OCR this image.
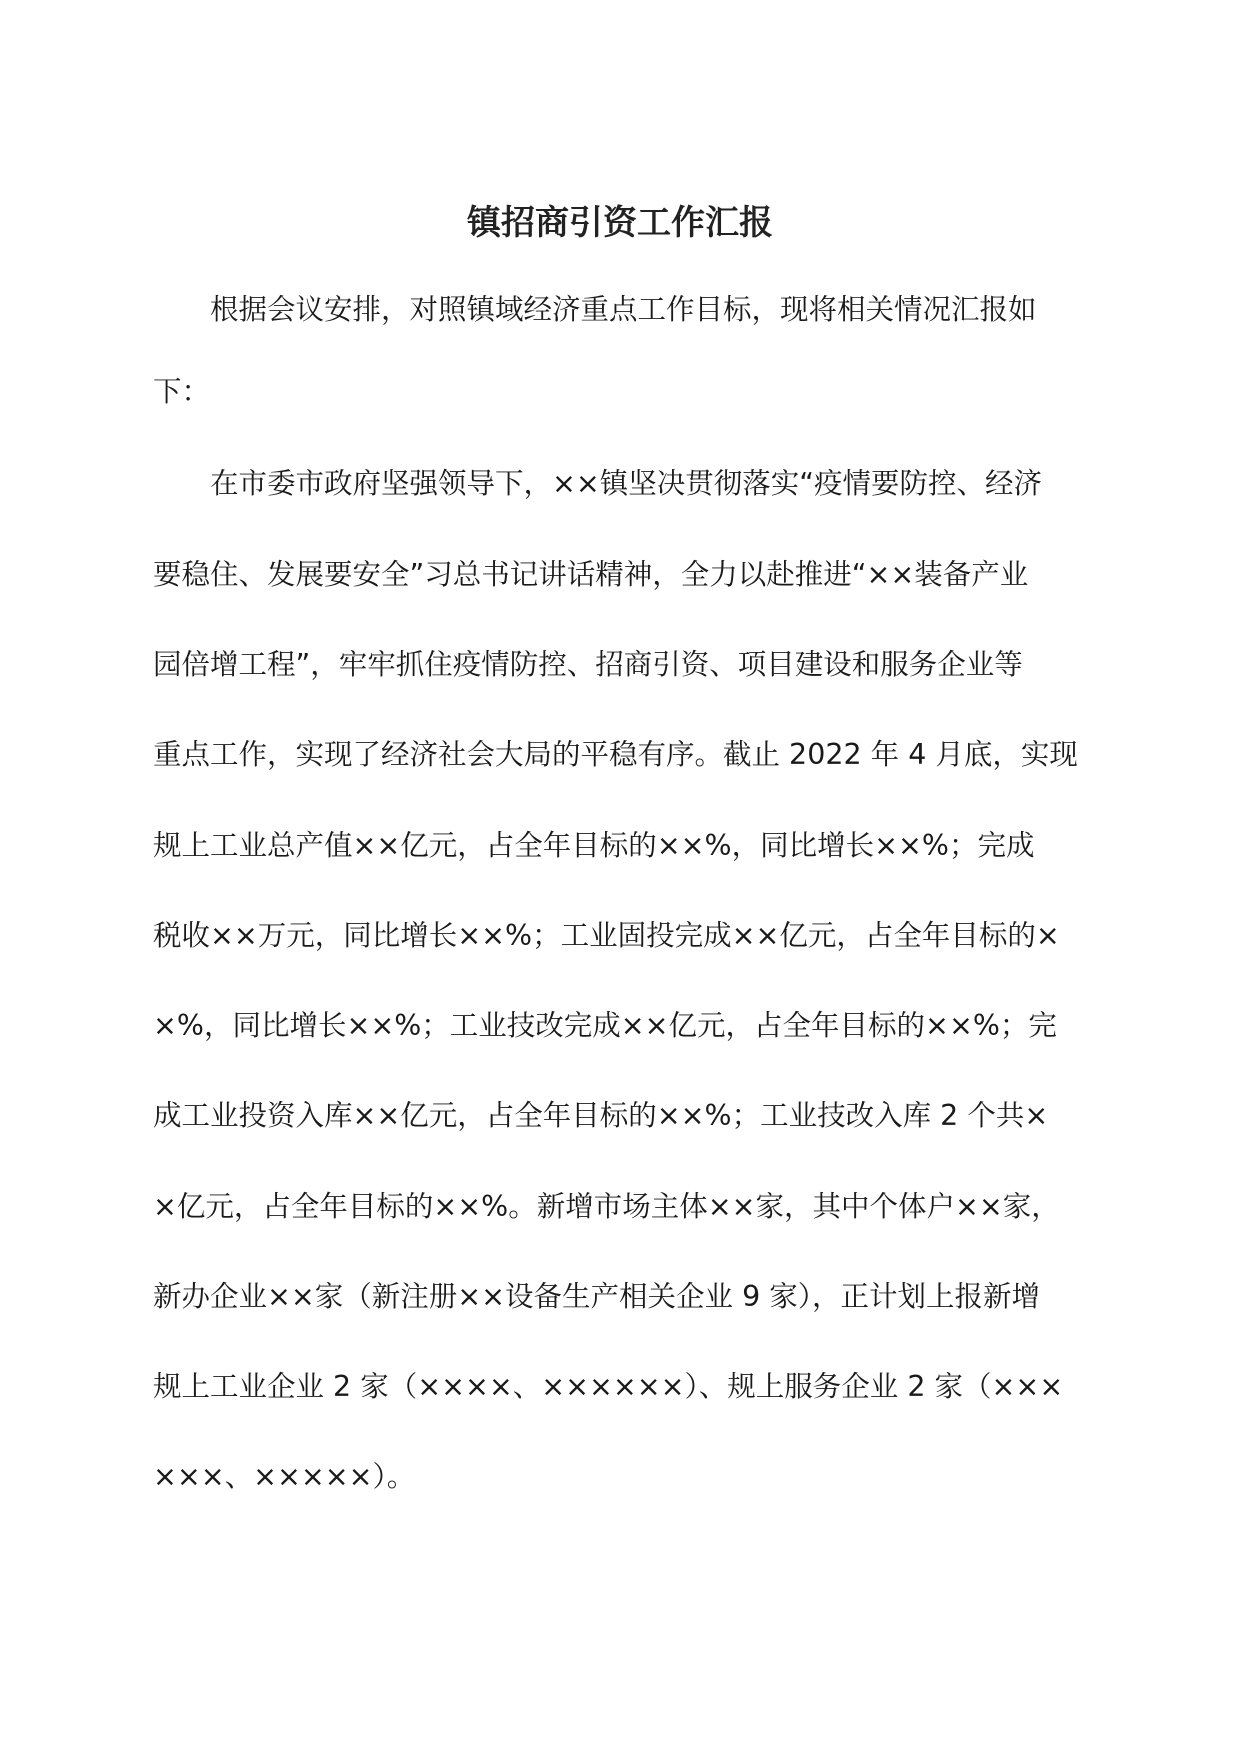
镇招商引资工作汇报
根据会议安排，对照镇域经济重点工作目标，现将相关情况汇报如
下：
在市委市政府坚强领导下，××镇坚决贯彻落实“疫情要防控、经济
要稳住、发展要安全”习总书记讲话精神，全力以赴推进“××装备产业
园倍增工程”，牢牢抓住疫情防控、招商引资、项目建设和服务企业等
重点工作，实现了经济社会大局的平稳有序。截止 2022 年 4 月底，实现
规上工业总产值××亿元，占全年目标的××%，同比增长××%；完成
税收××万元，同比增长××%；工业固投完成××亿元，占全年目标的×
×%，同比增长××%；工业技改完成××亿元，占全年目标的××%；完
成工业投资入库××亿元，占全年目标的××%；工业技改入库 2 个共×
×亿元，占全年目标的××%。新增市场主体××家，其中个体户××家，
新办企业××家（新注册××设备生产相关企业 9 家），正计划上报新增
规上工业企业 2 家（××××、××××××）、规上服务企业 2 家（×××
×××、×××××）。
